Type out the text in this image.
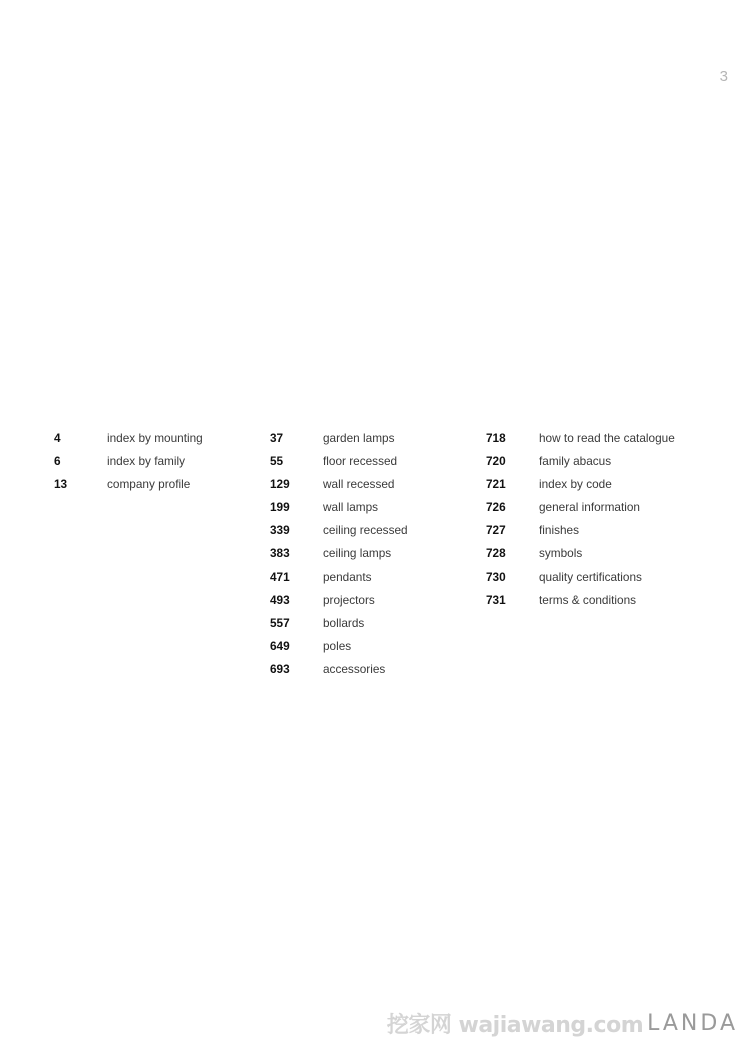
3
4	index by mounting
6	index by family
13	company profile
37	garden lamps
55	floor recessed
129	wall recessed
199	wall lamps
339	ceiling recessed
383	ceiling lamps
471	pendants
493	projectors
557	bollards
649	poles
693	accessories
718	how to read the catalogue
720	family abacus
721	index by code
726	general information
727	finishes
728	symbols
730	quality certifications
731	terms & conditions
挖家网 wajiawang.com LANDA
